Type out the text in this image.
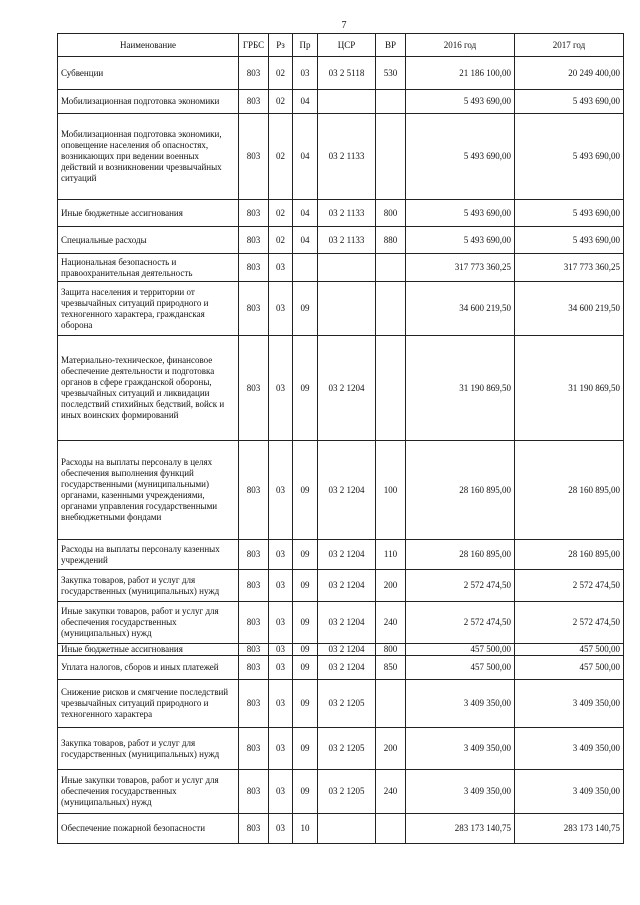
7
Наименование	ГРБС	Рз	Пр	ЦСР	ВР	2016 год	2017 год
Субвенции	803	02	03	03 2 5118	530	21 186 100,00	20 249 400,00
Мобилизационная подготовка экономики	803	02	04			5 493 690,00	5 493 690,00
Мобилизационная подготовка экономики, оповещение населения об опасностях, возникающих при ведении военных действий и возникновении чрезвычайных ситуаций	803	02	04	03 2 1133		5 493 690,00	5 493 690,00
Иные бюджетные ассигнования	803	02	04	03 2 1133	800	5 493 690,00	5 493 690,00
Специальные расходы	803	02	04	03 2 1133	880	5 493 690,00	5 493 690,00
Национальная безопасность и правоохранительная деятельность	803	03				317 773 360,25	317 773 360,25
Защита населения и территории от чрезвычайных ситуаций природного и техногенного характера, гражданская оборона	803	03	09			34 600 219,50	34 600 219,50
Материально-техническое, финансовое обеспечение деятельности и подготовка органов в сфере гражданской обороны, чрезвычайных ситуаций и ликвидации последствий стихийных бедствий, войск и иных воинских формирований	803	03	09	03 2 1204		31 190 869,50	31 190 869,50
Расходы на выплаты персоналу в целях обеспечения выполнения функций государственными (муниципальными) органами, казенными учреждениями, органами управления государственными внебюджетными фондами	803	03	09	03 2 1204	100	28 160 895,00	28 160 895,00
Расходы на выплаты персоналу казенных учреждений	803	03	09	03 2 1204	110	28 160 895,00	28 160 895,00
Закупка товаров, работ и услуг для государственных (муниципальных) нужд	803	03	09	03 2 1204	200	2 572 474,50	2 572 474,50
Иные закупки товаров, работ и услуг для обеспечения государственных (муниципальных) нужд	803	03	09	03 2 1204	240	2 572 474,50	2 572 474,50
Иные бюджетные ассигнования	803	03	09	03 2 1204	800	457 500,00	457 500,00
Уплата налогов, сборов и иных платежей	803	03	09	03 2 1204	850	457 500,00	457 500,00
Снижение рисков и смягчение последствий чрезвычайных ситуаций природного и техногенного характера	803	03	09	03 2 1205		3 409 350,00	3 409 350,00
Закупка товаров, работ и услуг для государственных (муниципальных) нужд	803	03	09	03 2 1205	200	3 409 350,00	3 409 350,00
Иные закупки товаров, работ и услуг для обеспечения государственных (муниципальных) нужд	803	03	09	03 2 1205	240	3 409 350,00	3 409 350,00
Обеспечение пожарной безопасности	803	03	10			283 173 140,75	283 173 140,75
